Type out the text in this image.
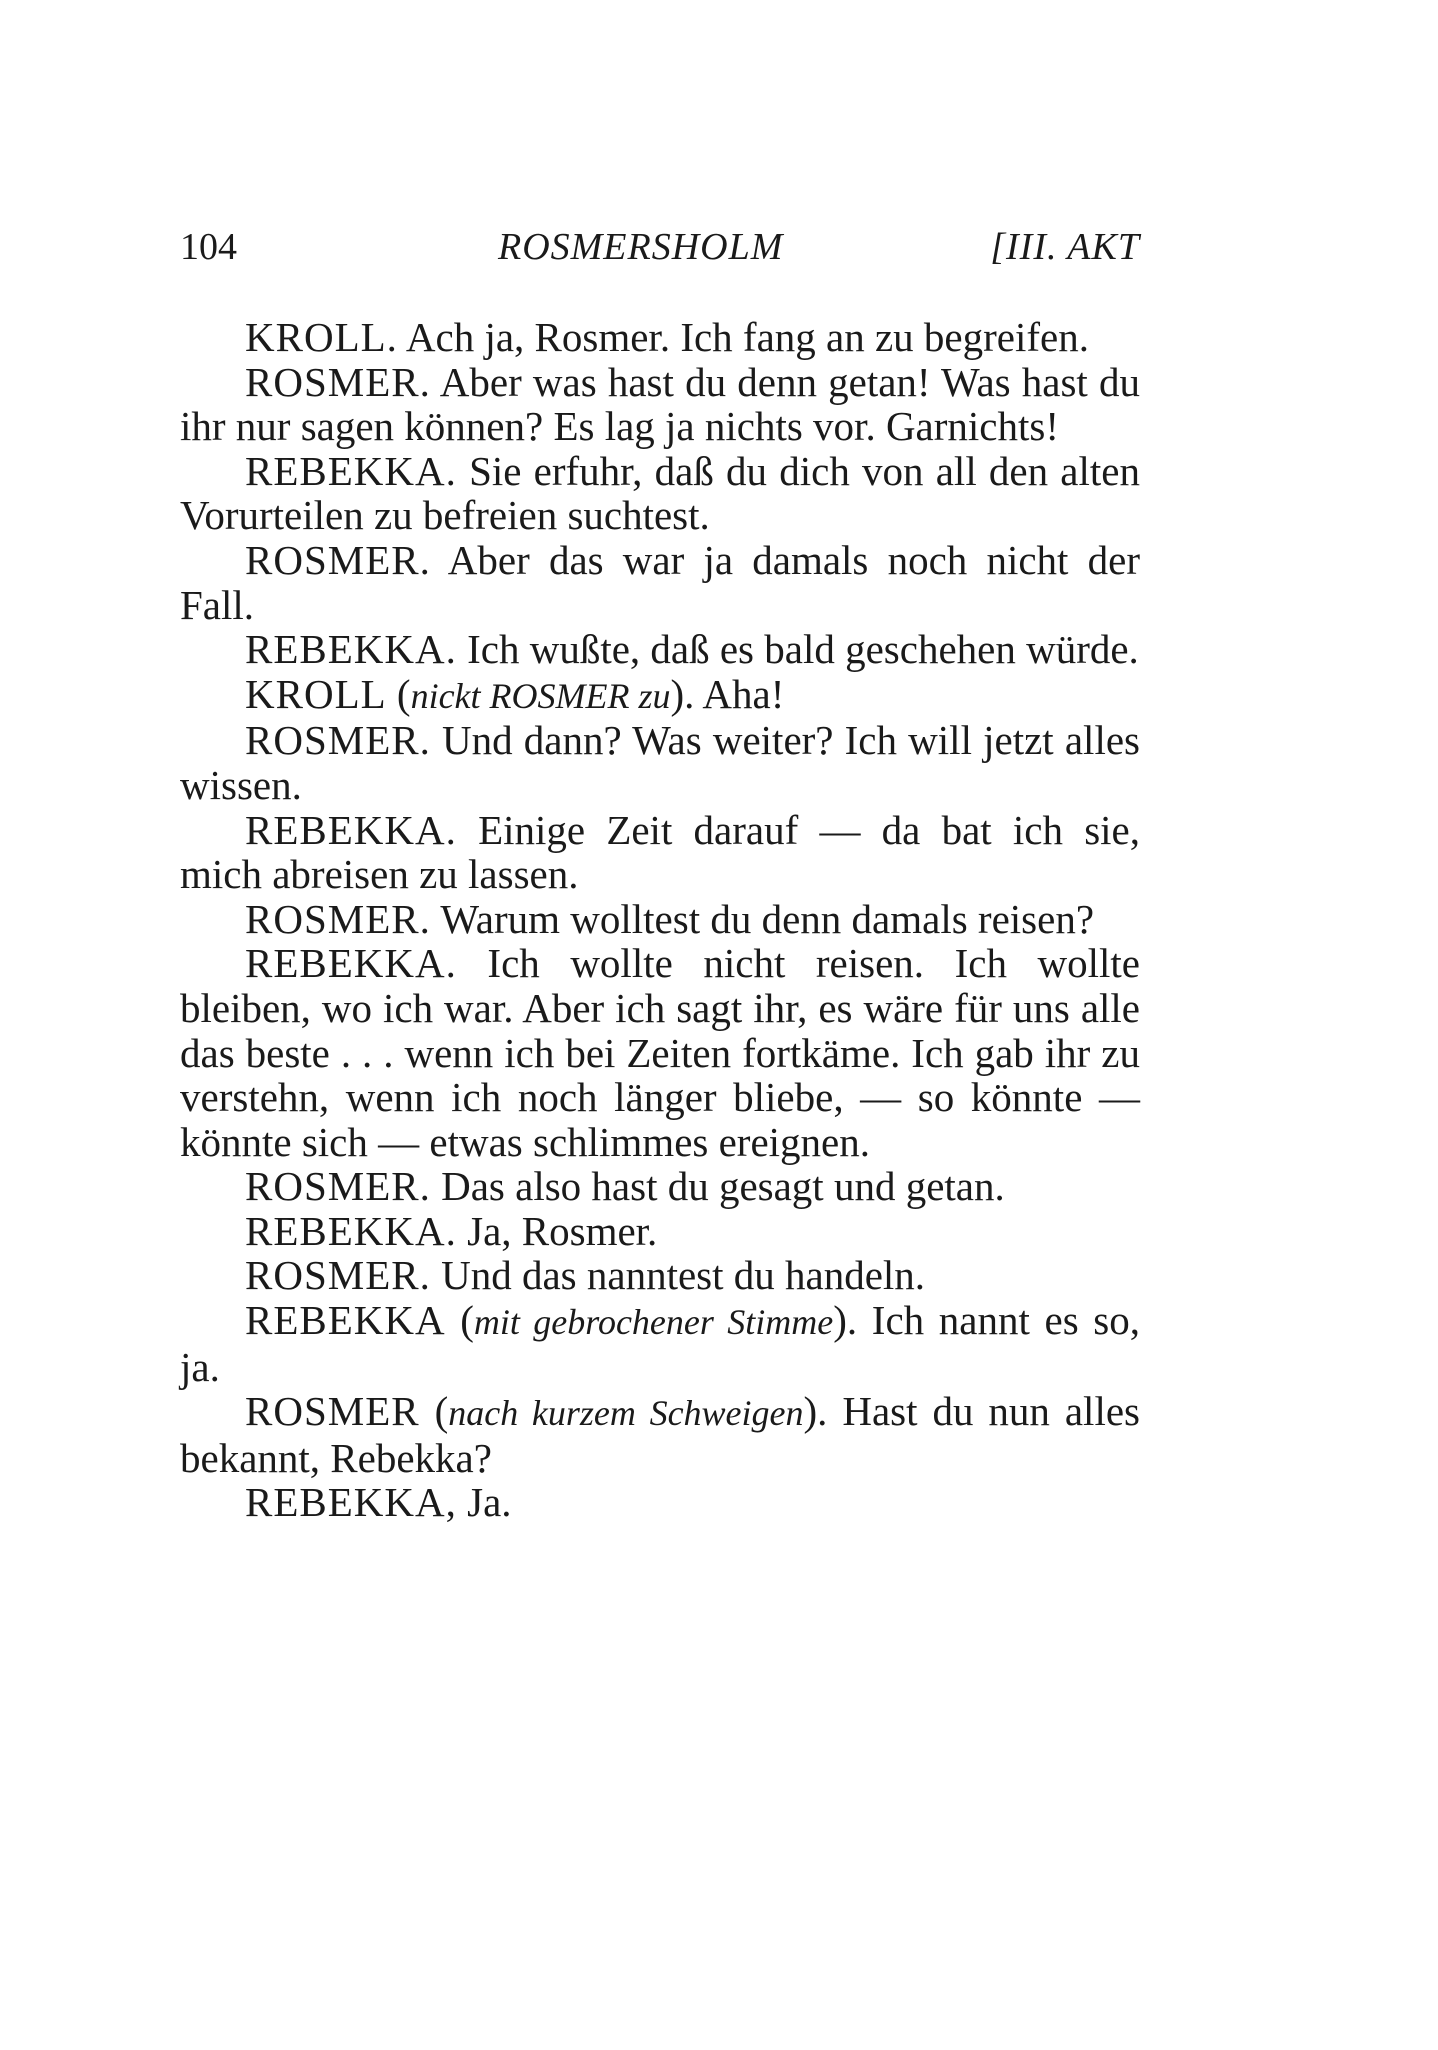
104	ROSMERSHOLM	[III. AKT

KROLL. Ach ja, Rosmer. Ich fang an zu begreifen.

ROSMER. Aber was hast du denn getan! Was hast du ihr nur sagen können? Es lag ja nichts vor. Garnichts!

REBEKKA. Sie erfuhr, daß du dich von all den alten Vorurteilen zu befreien suchtest.

ROSMER. Aber das war ja damals noch nicht der Fall.

REBEKKA. Ich wußte, daß es bald geschehen würde.

KROLL (nickt ROSMER zu). Aha!

ROSMER. Und dann? Was weiter? Ich will jetzt alles wissen.

REBEKKA. Einige Zeit darauf — da bat ich sie, mich abreisen zu lassen.

ROSMER. Warum wolltest du denn damals reisen?

REBEKKA. Ich wollte nicht reisen. Ich wollte bleiben, wo ich war. Aber ich sagt ihr, es wäre für uns alle das beste . . . wenn ich bei Zeiten fortkäme. Ich gab ihr zu verstehn, wenn ich noch länger bliebe, — so könnte — könnte sich — etwas schlimmes ereignen.

ROSMER. Das also hast du gesagt und getan.

REBEKKA. Ja, Rosmer.

ROSMER. Und das nanntest du handeln.

REBEKKA (mit gebrochener Stimme). Ich nannt es so, ja.

ROSMER (nach kurzem Schweigen). Hast du nun alles bekannt, Rebekka?

REBEKKA, Ja.
